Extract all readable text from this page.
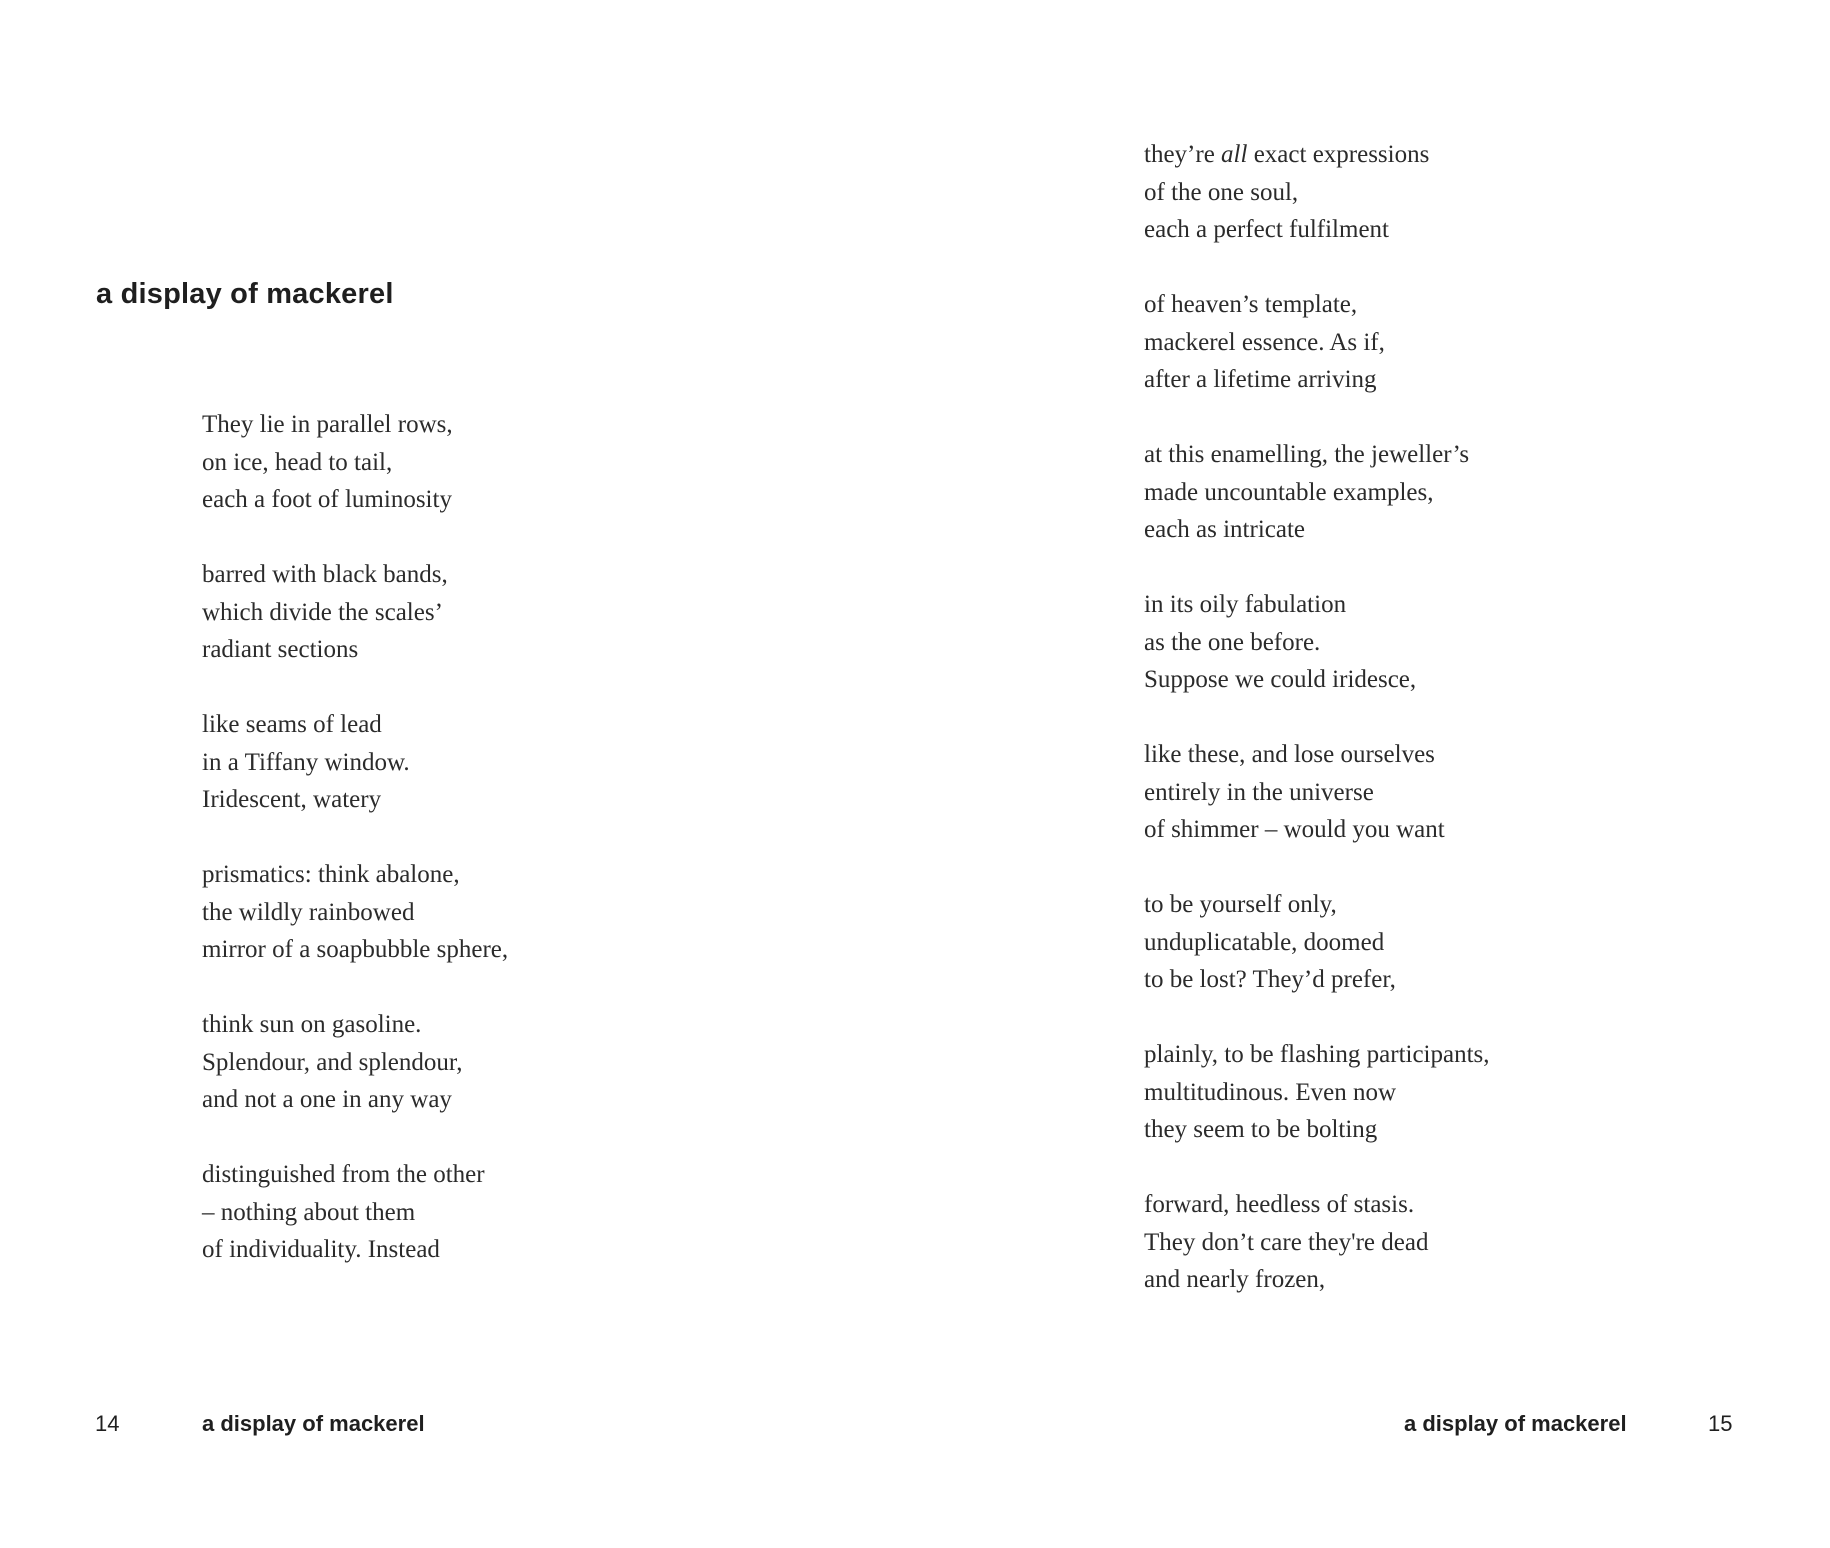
a display of mackerel
They lie in parallel rows,
on ice, head to tail,
each a foot of luminosity
barred with black bands,
which divide the scales’
radiant sections
like seams of lead
in a Tiffany window.
Iridescent, watery
prismatics: think abalone,
the wildly rainbowed
mirror of a soapbubble sphere,
think sun on gasoline.
Splendour, and splendour,
and not a one in any way
distinguished from the other
– nothing about them
of individuality. Instead
14	a display of mackerel
they’re all exact expressions
of the one soul,
each a perfect fulfilment
of heaven’s template,
mackerel essence. As if,
after a lifetime arriving
at this enamelling, the jeweller’s
made uncountable examples,
each as intricate
in its oily fabulation
as the one before.
Suppose we could iridesce,
like these, and lose ourselves
entirely in the universe
of shimmer – would you want
to be yourself only,
unduplicatable, doomed
to be lost? They’d prefer,
plainly, to be flashing participants,
multitudinous. Even now
they seem to be bolting
forward, heedless of stasis.
They don’t care they're dead
and nearly frozen,
a display of mackerel	15
